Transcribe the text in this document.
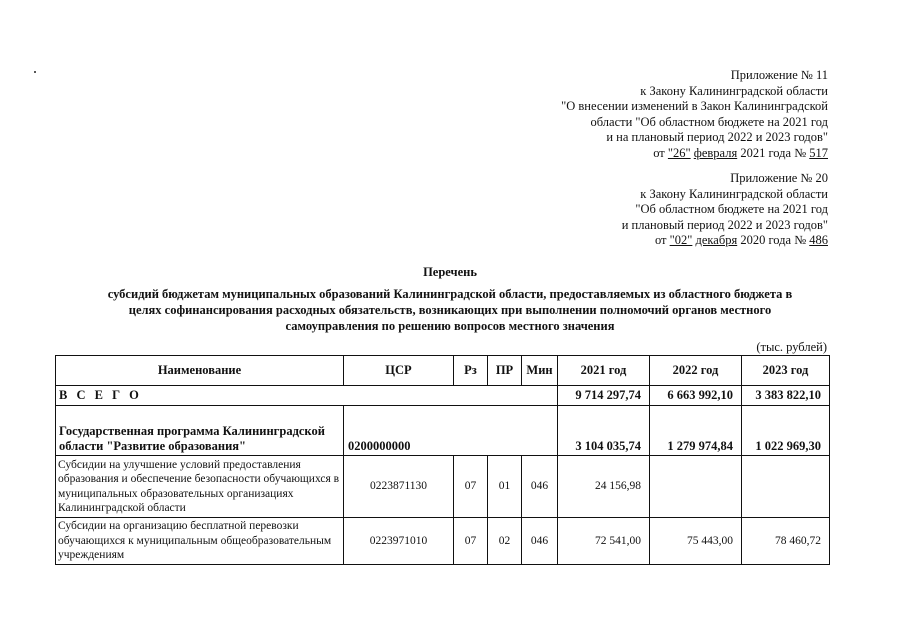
Приложение № 11
к Закону Калининградской области
"О внесении изменений в Закон Калининградской
области "Об областном бюджете на 2021 год
и на плановый период 2022 и 2023 годов"
от "26" февраля 2021 года № 517
Приложение № 20
к Закону Калининградской области
"Об областном бюджете на 2021 год
и плановый период 2022 и 2023 годов"
от "02" декабря 2020 года № 486
Перечень
субсидий бюджетам муниципальных образований Калининградской области, предоставляемых из областного бюджета в
целях софинансирования расходных обязательств, возникающих при выполнении полномочий органов местного
самоуправления по решению вопросов местного значения
(тыс. рублей)
Наименование	ЦСР	Рз	ПР	Мин	2021 год	2022 год	2023 год
В С Е Г О					9 714 297,74	6 663 992,10	3 383 822,10
Государственная программа Калининградской области "Развитие образования"	0200000000				3 104 035,74	1 279 974,84	1 022 969,30
Субсидии на улучшение условий предоставления образования и обеспечение безопасности обучающихся в муниципальных образовательных организациях Калининградской области	0223871130	07	01	046	24 156,98		
Субсидии на организацию бесплатной перевозки обучающихся к муниципальным общеобразовательным учреждениям	0223971010	07	02	046	72 541,00	75 443,00	78 460,72
